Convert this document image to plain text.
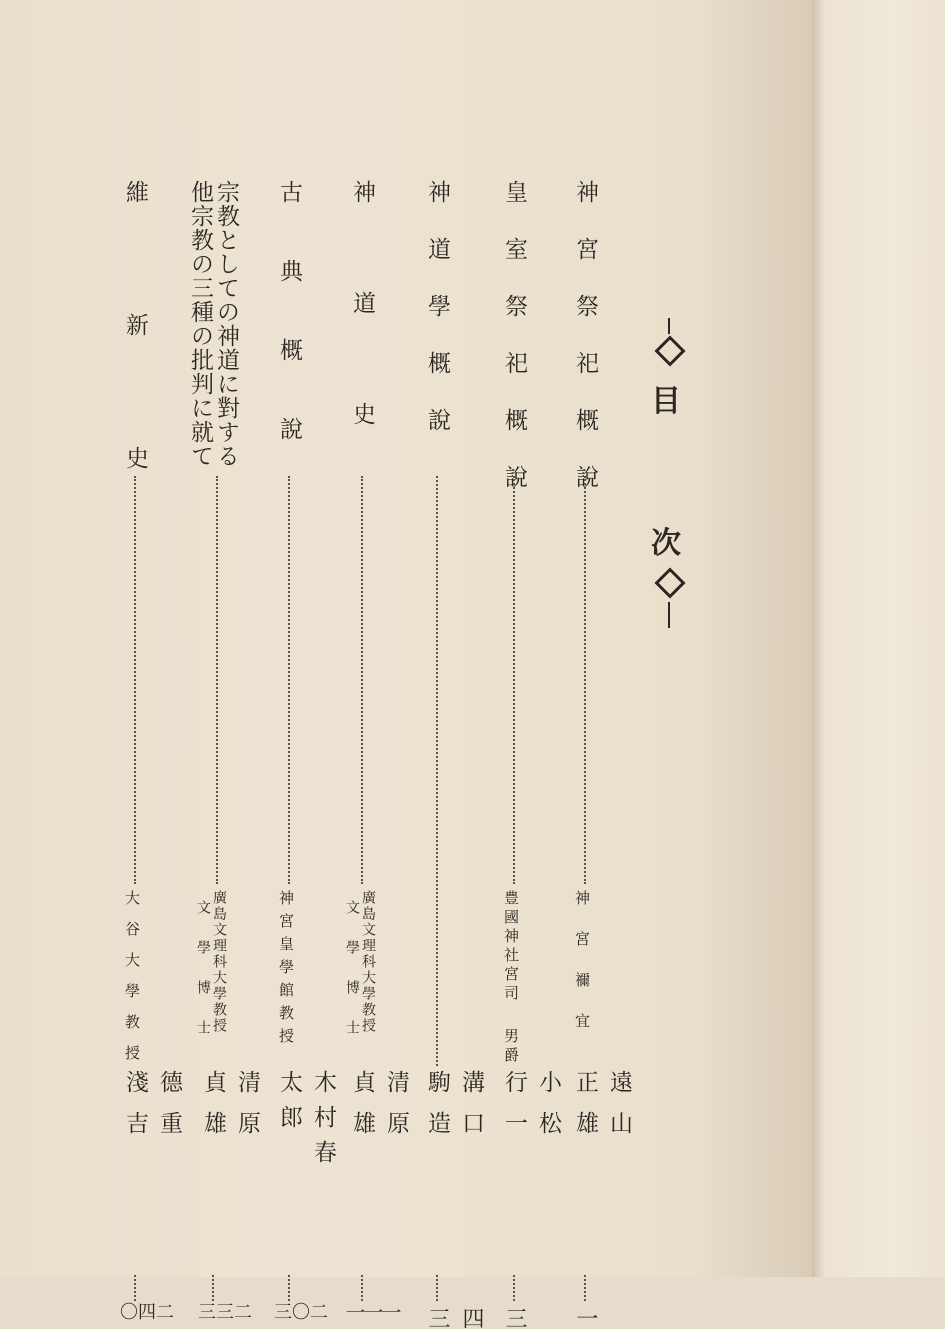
目
次
神宮祭祀概說
神宮禰宜
遠山正雄
一
皇室祭祀概說
豊國神社宮司
男爵
小松行一
三
神道學概說
溝口駒造
四三
神道史
廣島文理科大學教授
文學博士
清原貞雄
一一一
古典概說
神宮皇學館教授
木村春太郎
二〇三
宗教としての神道に對する
他宗教の三種の批判に就て
廣島文理科大學教授
文學博士
清原貞雄
二三三
維新史
大谷大學教授
德重淺吉
二四〇
